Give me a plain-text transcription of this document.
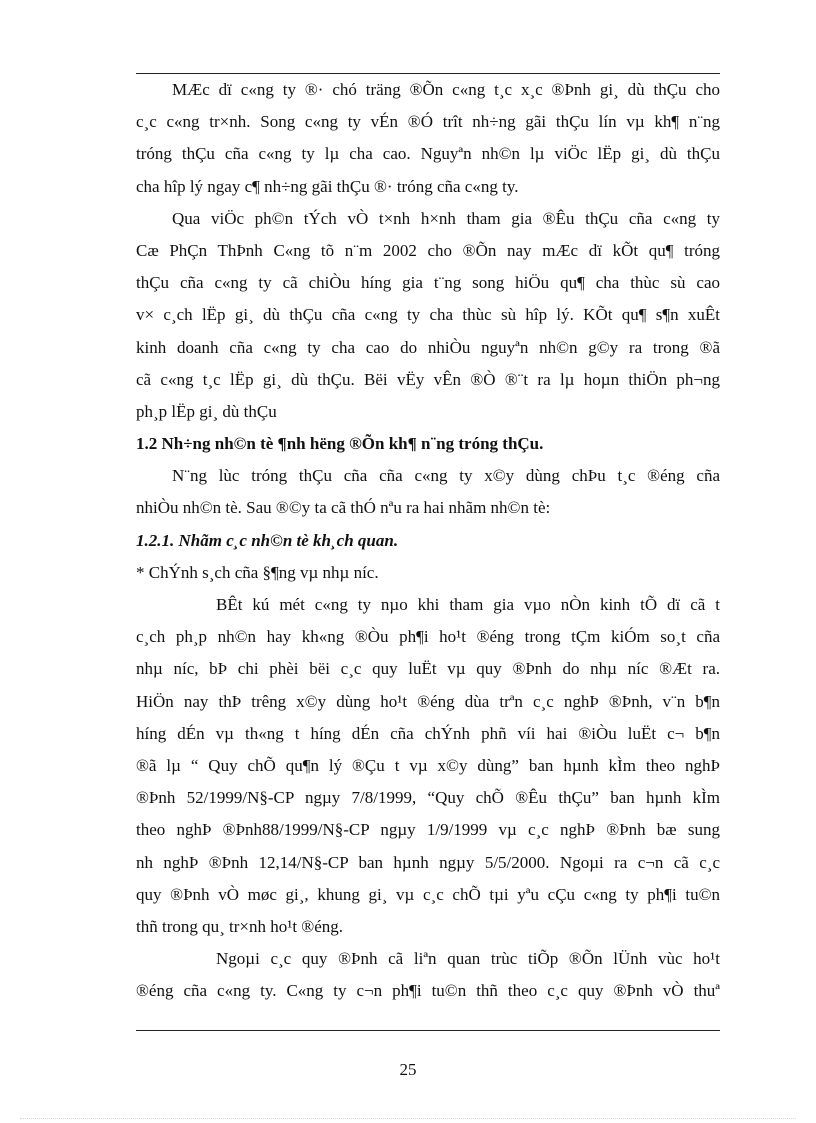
MÆc dï c«ng ty ®· chó träng ®Õn c«ng t¸c x¸c ®Þnh gi¸ dù thÇu cho
c¸c c«ng tr×nh. Song c«ng ty vÉn ®Ó trît nh÷ng gãi thÇu lín vµ kh¶ n¨ng
tróng thÇu cña c«ng ty lµ cha cao. Nguyªn nh©n lµ viÖc lËp gi¸ dù thÇu
cha hîp lý ngay c¶ nh÷ng gãi thÇu ®· tróng cña c«ng ty.
Qua viÖc ph©n tÝch vÒ t×nh h×nh tham gia ®Êu thÇu cña c«ng ty
Cæ PhÇn ThÞnh C«ng tõ n¨m 2002 cho ®Õn nay mÆc dï kÕt qu¶ tróng
thÇu cña c«ng ty cã chiÒu híng gia t¨ng song hiÖu qu¶ cha thùc sù cao
v× c¸ch lËp gi¸ dù thÇu cña c«ng ty cha thùc sù hîp lý. KÕt qu¶ s¶n xuÊt
kinh doanh cña c«ng ty cha cao do nhiÒu nguyªn nh©n g©y ra trong ®ã
cã c«ng t¸c lËp gi¸ dù thÇu. Bëi vËy vÊn ®Ò ®¨t ra lµ hoµn thiÖn ph¬ng
ph¸p lËp gi¸ dù thÇu
1.2 Nh÷ng nh©n tè ¶nh hëng ®Õn kh¶ n¨ng tróng thÇu.
N¨ng lùc tróng thÇu cña cña c«ng ty x©y dùng chÞu t¸c ®éng cña
nhiÒu nh©n tè. Sau ®©y ta cã thÓ nªu ra hai nhãm nh©n tè:
1.2.1. Nhãm c¸c nh©n tè kh¸ch quan.
* ChÝnh s¸ch cña §¶ng vµ nhµ níc.
BÊt kú mét c«ng ty nµo khi tham gia vµo nÒn kinh tÕ dï cã t
c¸ch ph¸p nh©n hay kh«ng ®Òu ph¶i ho¹t ®éng trong tÇm kiÓm so¸t cña
nhµ níc, bÞ chi phèi bëi c¸c quy luËt vµ quy ®Þnh do nhµ níc ®Æt ra.
HiÖn nay thÞ trêng x©y dùng ho¹t ®éng dùa trªn c¸c nghÞ ®Þnh, v¨n b¶n
híng dÉn vµ th«ng t híng dÉn cña chÝnh phñ víi hai ®iÒu luËt c¬ b¶n
®ã lµ “ Quy chÕ qu¶n lý ®Çu t vµ x©y dùng” ban hµnh kÌm theo nghÞ
®Þnh 52/1999/N§-CP ngµy 7/8/1999, “Quy chÕ ®Êu thÇu” ban hµnh kÌm
theo nghÞ ®Þnh88/1999/N§-CP ngµy 1/9/1999 vµ c¸c nghÞ ®Þnh bæ sung
nh nghÞ ®Þnh 12,14/N§-CP ban hµnh ngµy 5/5/2000. Ngoµi ra c¬n cã c¸c
quy ®Þnh vÒ møc gi¸, khung gi¸ vµ c¸c chÕ tµi yªu cÇu c«ng ty ph¶i tu©n
thñ trong qu¸ tr×nh ho¹t ®éng.
Ngoµi c¸c quy ®Þnh cã liªn quan trùc tiÕp ®Õn lÜnh vùc ho¹t
®éng cña c«ng ty. C«ng ty c¬n ph¶i tu©n thñ theo c¸c quy ®Þnh vÒ thuª
25
